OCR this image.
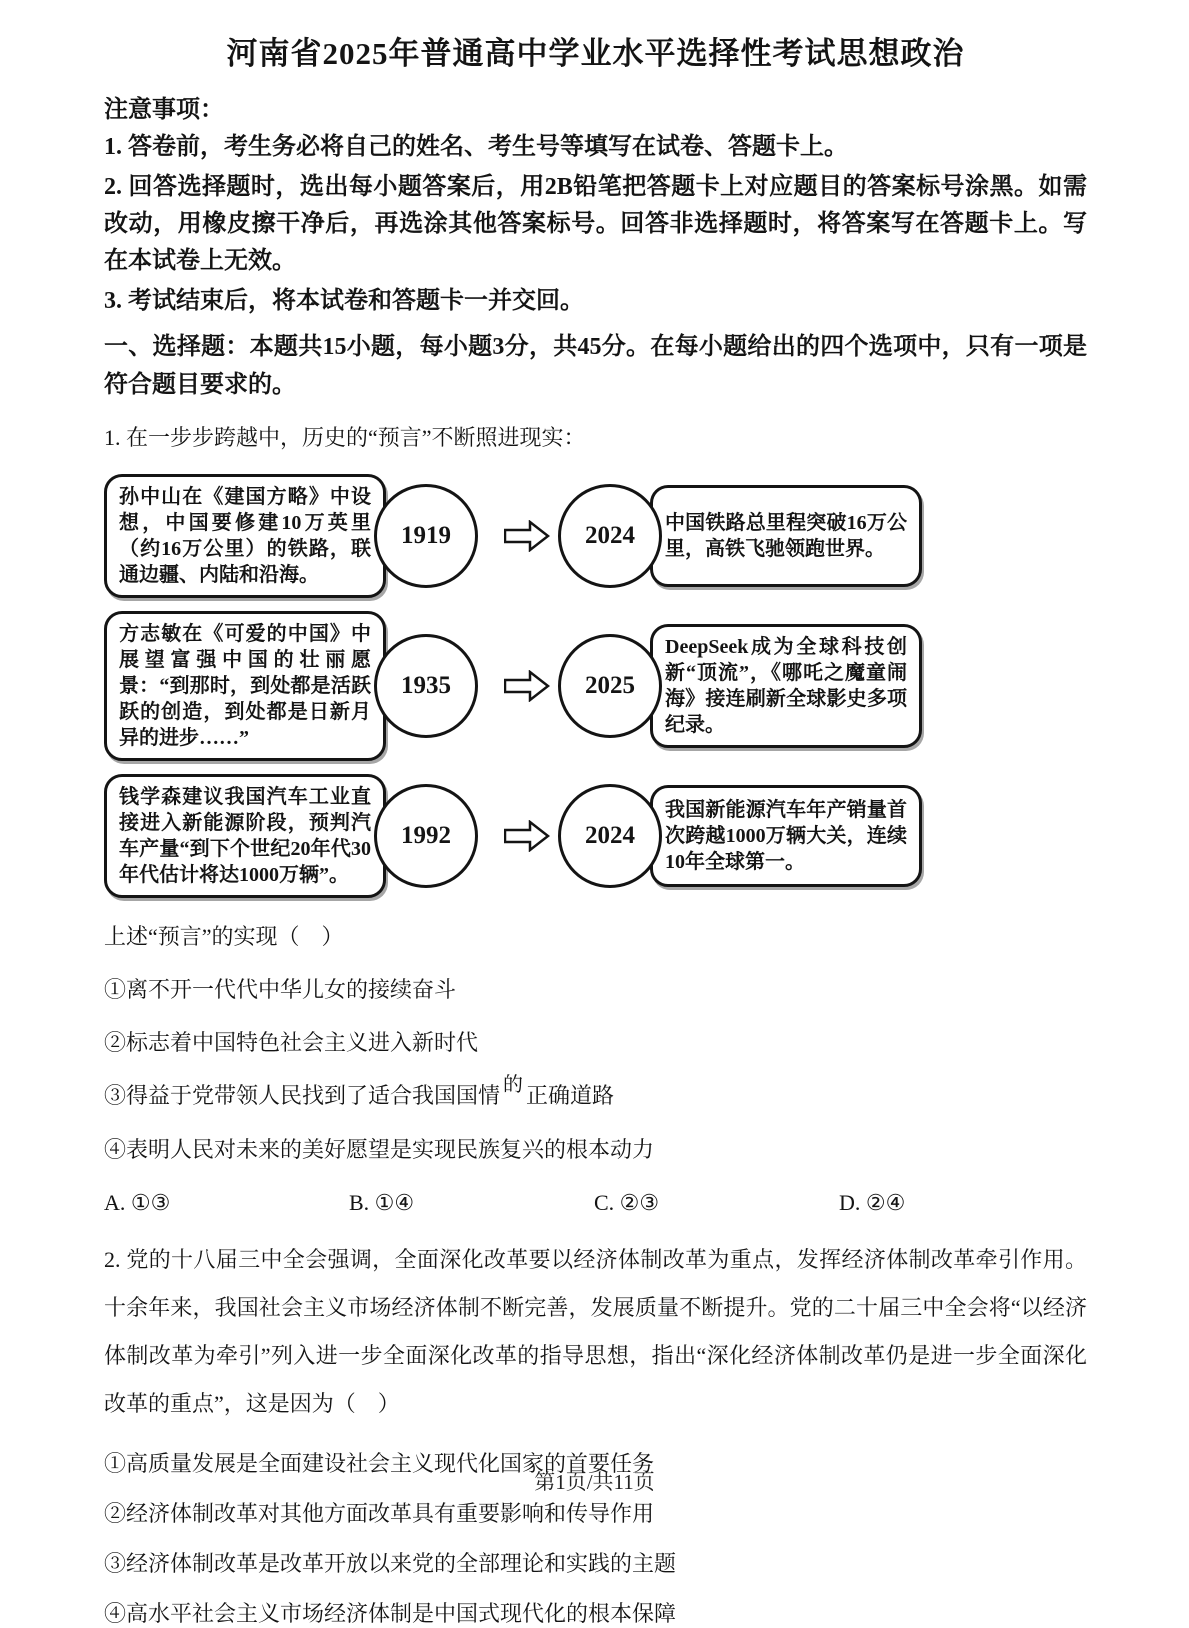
河南省2025年普通高中学业水平选择性考试思想政治
注意事项：

1. 答卷前，考生务必将自己的姓名、考生号等填写在试卷、答题卡上。

2. 回答选择题时，选出每小题答案后，用2B铅笔把答题卡上对应题目的答案标号涂黑。如需改动，用橡皮擦干净后，再选涂其他答案标号。回答非选择题时，将答案写在答题卡上。写在本试卷上无效。

3. 考试结束后，将本试卷和答题卡一并交回。

一、选择题：本题共15小题，每小题3分，共45分。在每小题给出的四个选项中，只有一项是符合题目要求的。

1. 在一步步跨越中，历史的“预言”不断照进现实：

孙中山在《建国方略》中设想，中国要修建10万英里（约16万公里）的铁路，联通边疆、内陆和沿海。
1919	2024	中国铁路总里程突破16万公里，高铁飞驰领跑世界。
方志敏在《可爱的中国》中展望富强中国的壮丽愿景：“到那时，到处都是活跃跃的创造，到处都是日新月异的进步……”
1935	2025
DeepSeek成为全球科技创新“顶流”，《哪吒之魔童闹海》接连刷新全球影史多项纪录。
钱学森建议我国汽车工业直接进入新能源阶段，预判汽车产量“到下个世纪20年代30年代估计将达1000万辆”。
1992	2024
我国新能源汽车年产销量首次跨越1000万辆大关，连续10年全球第一。

上述“预言”的实现（　）

①离不开一代代中华儿女的接续奋斗

②标志着中国特色社会主义进入新时代

③得益于党带领人民找到了适合我国国情 的 正确道路

④表明人民对未来的美好愿望是实现民族复兴的根本动力

A. ①③	B. ①④	C. ②③	D. ②④

2. 党的十八届三中全会强调，全面深化改革要以经济体制改革为重点，发挥经济体制改革牵引作用。十余年来，我国社会主义市场经济体制不断完善，发展质量不断提升。党的二十届三中全会将“以经济体制改革为牵引”列入进一步全面深化改革的指导思想，指出“深化经济体制改革仍是进一步全面深化改革的重点”，这是因为（　）

①高质量发展是全面建设社会主义现代化国家的首要任务

②经济体制改革对其他方面改革具有重要影响和传导作用

③经济体制改革是改革开放以来党的全部理论和实践的主题

④高水平社会主义市场经济体制是中国式现代化的根本保障

第1页/共11页
